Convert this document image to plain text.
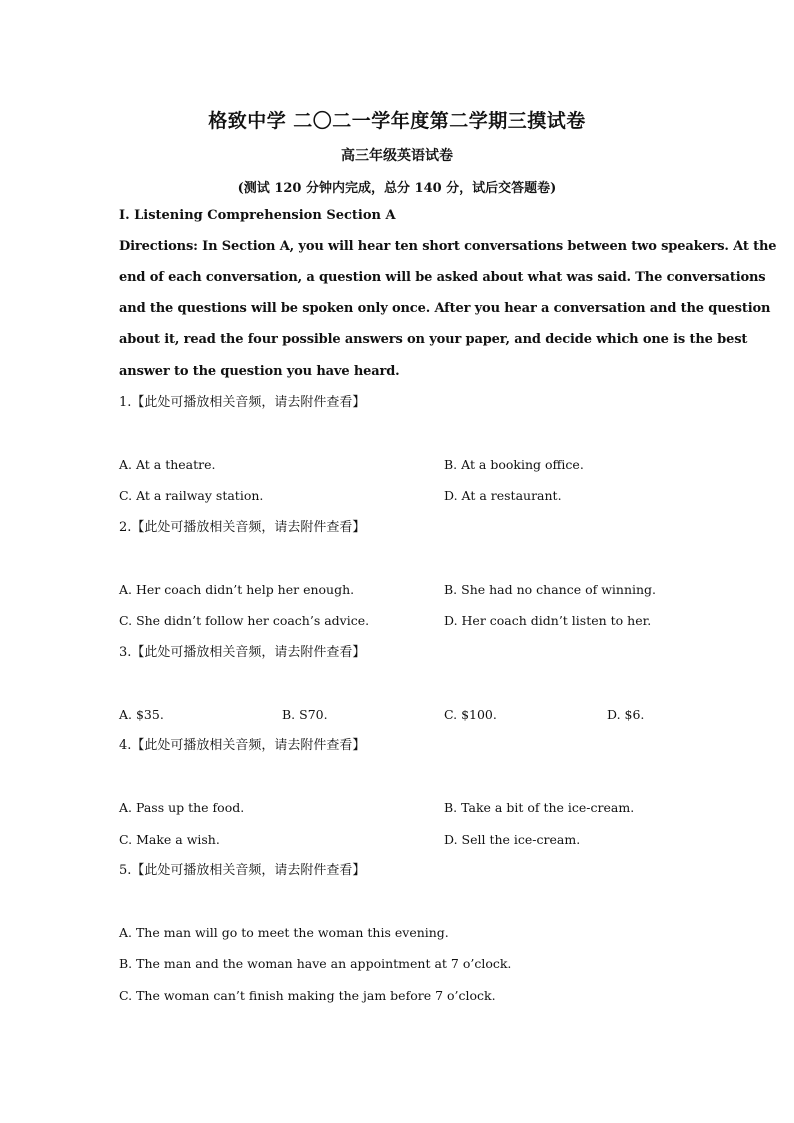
格致中学 二〇二一学年度第二学期三摸试卷
高三年级英语试卷
(测试 120 分钟内完成，总分 140 分，试后交答题卷)
I. Listening Comprehension Section A
Directions: In Section A, you will hear ten short conversations between two speakers. At the
end of each conversation, a question will be asked about what was said. The conversations
and the questions will be spoken only once. After you hear a conversation and the question
about it, read the four possible answers on your paper, and decide which one is the best
answer to the question you have heard.
1.【此处可播放相关音频，请去附件查看】
A. At a theatre.	B. At a booking office.
C. At a railway station.	D. At a restaurant.
2.【此处可播放相关音频，请去附件查看】
A. Her coach didn’t help her enough.	B. She had no chance of winning.
C. She didn’t follow her coach’s advice.	D. Her coach didn’t listen to her.
3.【此处可播放相关音频，请去附件查看】
A. $35.	B. S70.	C. $100.	D. $6.
4.【此处可播放相关音频，请去附件查看】
A. Pass up the food.	B. Take a bit of the ice-cream.
C. Make a wish.	D. Sell the ice-cream.
5.【此处可播放相关音频，请去附件查看】
A. The man will go to meet the woman this evening.
B. The man and the woman have an appointment at 7 o’clock.
C. The woman can’t finish making the jam before 7 o’clock.
